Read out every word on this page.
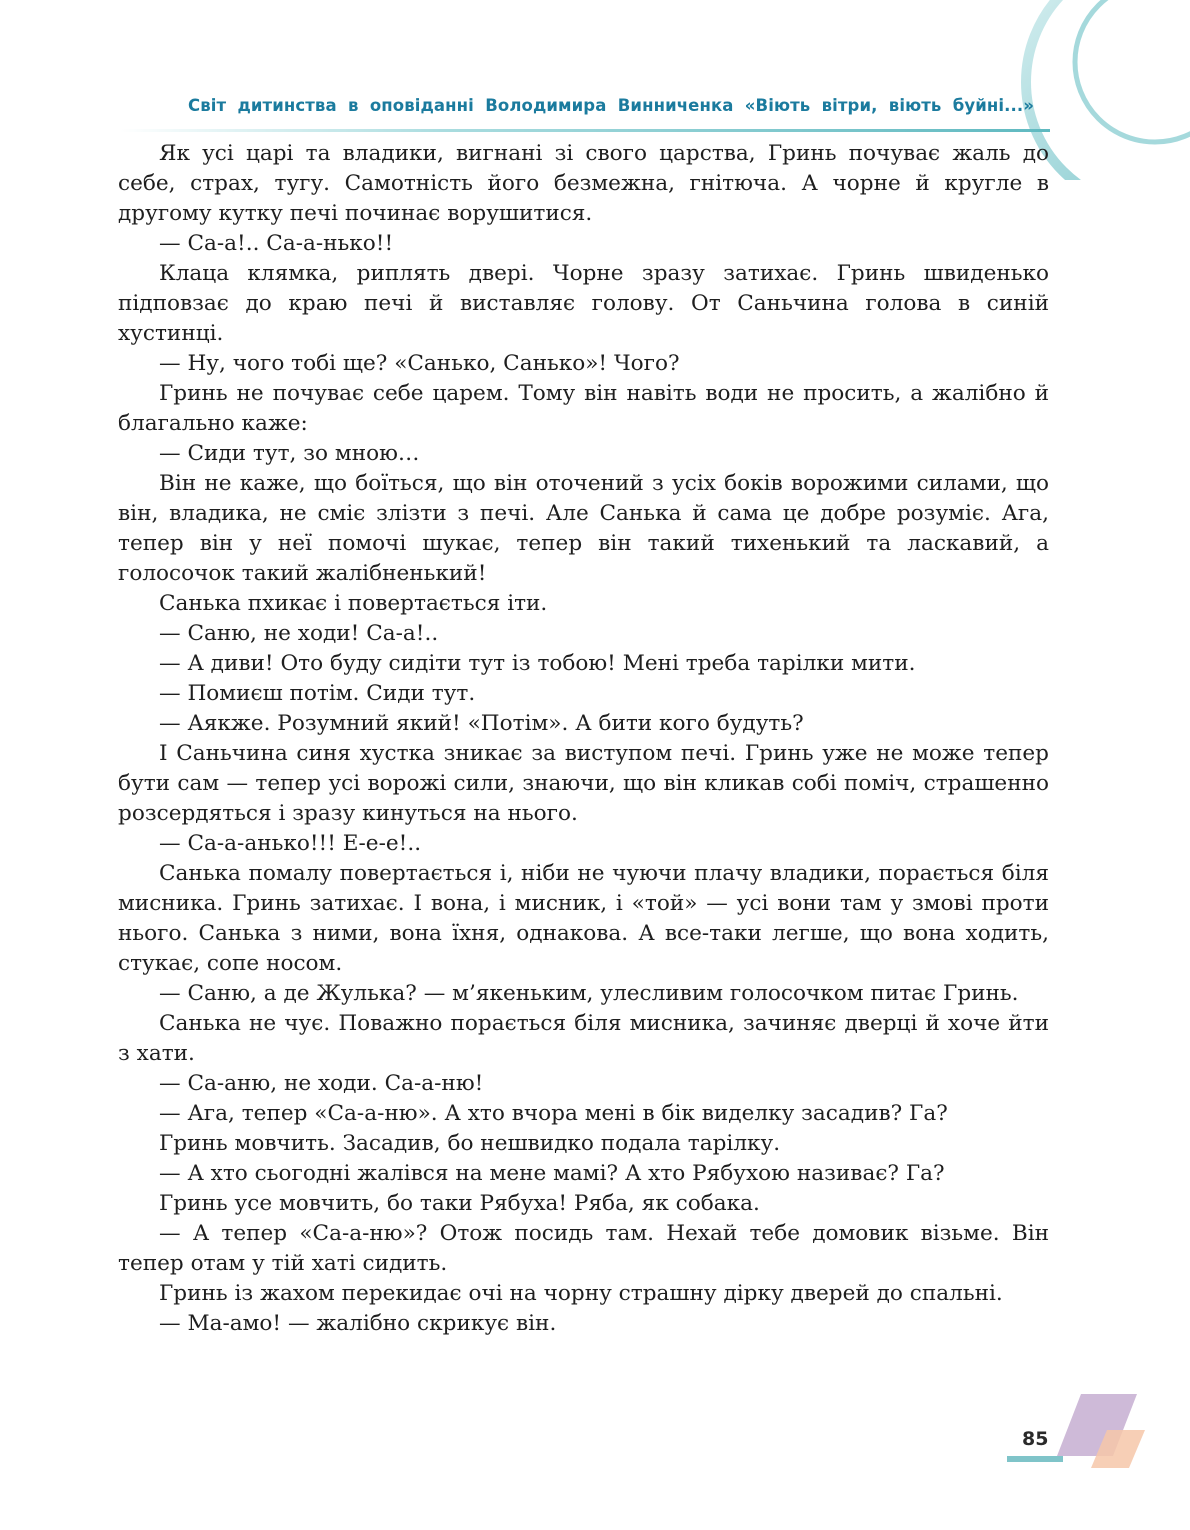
Світ дитинства в оповіданні Володимира Винниченка «Віють вітри, віють буйні...»

Як усі царі та владики, вигнані зі свого царства, Гринь почуває жаль до себе, страх, тугу. Самотність його безмежна, гнітюча. А чорне й кругле в другому кутку печі починає ворушитися.

— Са-а!.. Са-а-нько!!

Клаца клямка, риплять двері. Чорне зразу затихає. Гринь швиденько підповзає до краю печі й виставляє голову. От Саньчина голова в синій хустинці.

— Ну, чого тобі ще? «Санько, Санько»! Чого?

Гринь не почуває себе царем. Тому він навіть води не просить, а жалібно й благально каже:

— Сиди тут, зо мною…

Він не каже, що боїться, що він оточений з усіх боків ворожими силами, що він, владика, не сміє злізти з печі. Але Санька й сама це добре розуміє. Ага, тепер він у неї помочі шукає, тепер він такий тихенький та ласкавий, а голосочок такий жалібненький!

Санька пхикає і повертається іти.

— Саню, не ходи! Са-а!..

— А диви! Ото буду сидіти тут із тобою! Мені треба тарілки мити.

— Помиєш потім. Сиди тут.

— Аякже. Розумний який! «Потім». А бити кого будуть?

І Саньчина синя хустка зникає за виступом печі. Гринь уже не може тепер бути сам — тепер усі ворожі сили, знаючи, що він кликав собі поміч, страшенно розсердяться і зразу кинуться на нього.

— Са-а-анько!!! Е-е-е!..

Санька помалу повертається і, ніби не чуючи плачу владики, порається біля мисника. Гринь затихає. І вона, і мисник, і «той» — усі вони там у змові проти нього. Санька з ними, вона їхня, однакова. А все-таки легше, що вона ходить, стукає, сопе носом.

— Саню, а де Жулька? — м’якеньким, улесливим голосочком питає Гринь.

Санька не чує. Поважно порається біля мисника, зачиняє дверці й хоче йти з хати.

— Са-аню, не ходи. Са-а-ню!

— Ага, тепер «Са-а-ню». А хто вчора мені в бік виделку засадив? Га?

Гринь мовчить. Засадив, бо нешвидко подала тарілку.

— А хто сьогодні жалівся на мене мамі? А хто Рябухою називає? Га?

Гринь усе мовчить, бо таки Рябуха! Ряба, як собака.

— А тепер «Са-а-ню»? Отож посидь там. Нехай тебе домовик візьме. Він тепер отам у тій хаті сидить.

Гринь із жахом перекидає очі на чорну страшну дірку дверей до спальні.

— Ма-амо! — жалібно скрикує він.

85
